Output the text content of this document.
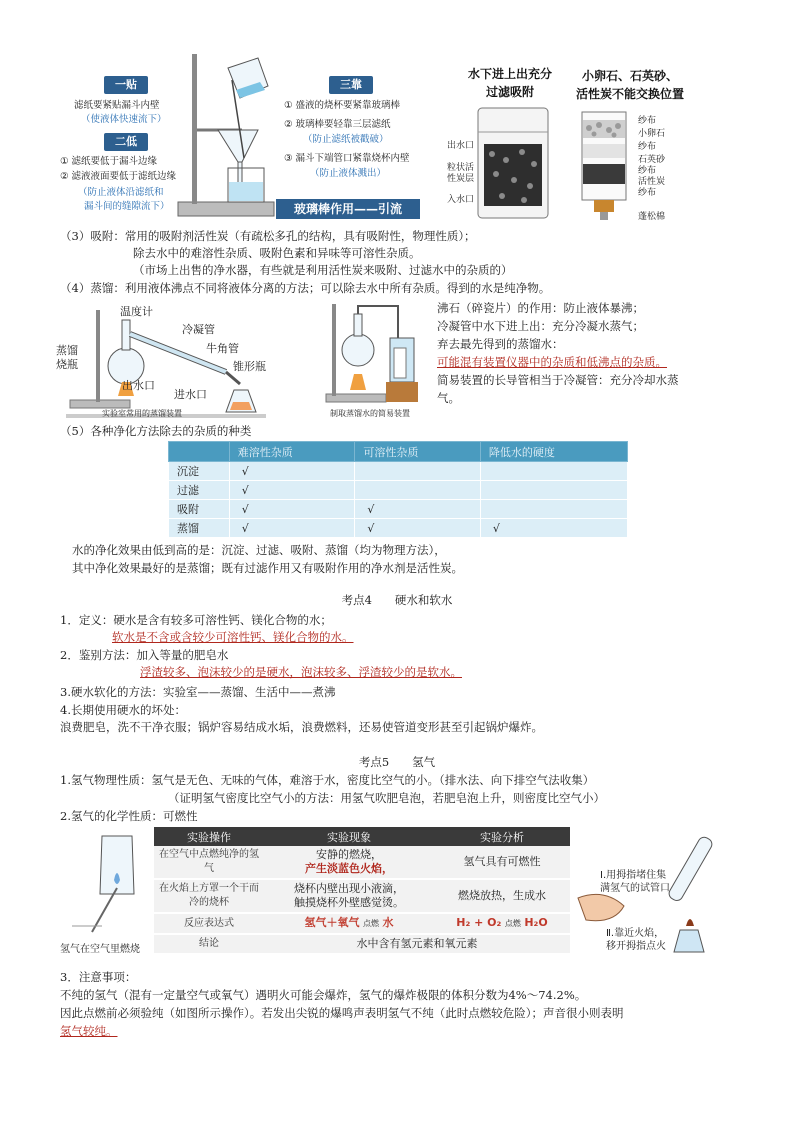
一贴
滤纸要紧贴漏斗内壁
（使液体快速流下）
二低
① 滤纸要低于漏斗边缘
② 滤液液面要低于滤纸边缘
（防止液体沿滤纸和
漏斗间的缝隙流下）
三靠
① 盛液的烧杯要紧靠玻璃棒
② 玻璃棒要轻靠三层滤纸
（防止滤纸被戳破）
③ 漏斗下端管口紧靠烧杯内壁
（防止液体溅出）
玻璃棒作用——引流
水下进上出充分
过滤吸附
出水口
粒状活
性炭层
入水口
小卵石、石英砂、
活性炭不能交换位置
纱布
小卵石
纱布
石英砂
纱布
活性炭
纱布
蓬松棉
（3）吸附：常用的吸附剂活性炭（有疏松多孔的结构，具有吸附性，物理性质）；
除去水中的难溶性杂质、吸附色素和异味等可溶性杂质。
（市场上出售的净水器，有些就是利用活性炭来吸附、过滤水中的杂质的）
（4）蒸馏：利用液体沸点不同将液体分离的方法；可以除去水中所有杂质。得到的水是纯净物。
温度计
冷凝管
蒸馏
烧瓶
牛角管
出水口
锥形瓶
进水口
实验室常用的蒸馏装置	制取蒸馏水的简易装置
沸石（碎瓷片）的作用：防止液体暴沸；
冷凝管中水下进上出：充分冷凝水蒸气；
弃去最先得到的蒸馏水：
可能混有装置仪器中的杂质和低沸点的杂质。
简易装置的长导管相当于冷凝管：充分冷却水蒸
气。
（5）各种净化方法除去的杂质的种类
	难溶性杂质	可溶性杂质	降低水的硬度
沉淀	√		
过滤	√		
吸附	√	√	
蒸馏	√	√	√
水的净化效果由低到高的是：沉淀、过滤、吸附、蒸馏（均为物理方法），
其中净化效果最好的是蒸馏；既有过滤作用又有吸附作用的净水剂是活性炭。
考点4　　硬水和软水
1．定义：硬水是含有较多可溶性钙、镁化合物的水；
软水是不含或含较少可溶性钙、镁化合物的水。
2．鉴别方法：加入等量的肥皂水
浮渣较多、泡沫较少的是硬水，泡沫较多、浮渣较少的是软水。
3.硬水软化的方法：实验室——蒸馏、生活中——煮沸
4.长期使用硬水的坏处：
浪费肥皂，洗不干净衣服；锅炉容易结成水垢，浪费燃料，还易使管道变形甚至引起锅炉爆炸。
考点5　　氢气
1.氢气物理性质：氢气是无色、无味的气体，难溶于水，密度比空气的小。（排水法、向下排空气法收集）
（证明氢气密度比空气小的方法：用氢气吹肥皂泡，若肥皂泡上升，则密度比空气小）
2.氢气的化学性质：可燃性
氢气在空气里燃烧
实验操作	实验现象	实验分析
在空气中点燃纯净的氢气	安静的燃烧，
产生淡蓝色火焰，	氢气具有可燃性
在火焰上方罩一个干而冷的烧杯	烧杯内壁出现小液滴，
触摸烧杯外壁感觉烫。	燃烧放热，生成水
反应表达式	氢气＋氧气 点燃 水	H₂ + O₂ 点燃 H₂O
结论	水中含有氢元素和氧元素	
Ⅰ.用拇指堵住集
满氢气的试管口
Ⅱ.靠近火焰，
移开拇指点火
3．注意事项：
不纯的氢气（混有一定量空气或氧气）遇明火可能会爆炸，氢气的爆炸极限的体积分数为4%～74.2%。
因此点燃前必须验纯（如图所示操作）。若发出尖锐的爆鸣声表明氢气不纯（此时点燃较危险）；声音很小则表明
氢气较纯。
